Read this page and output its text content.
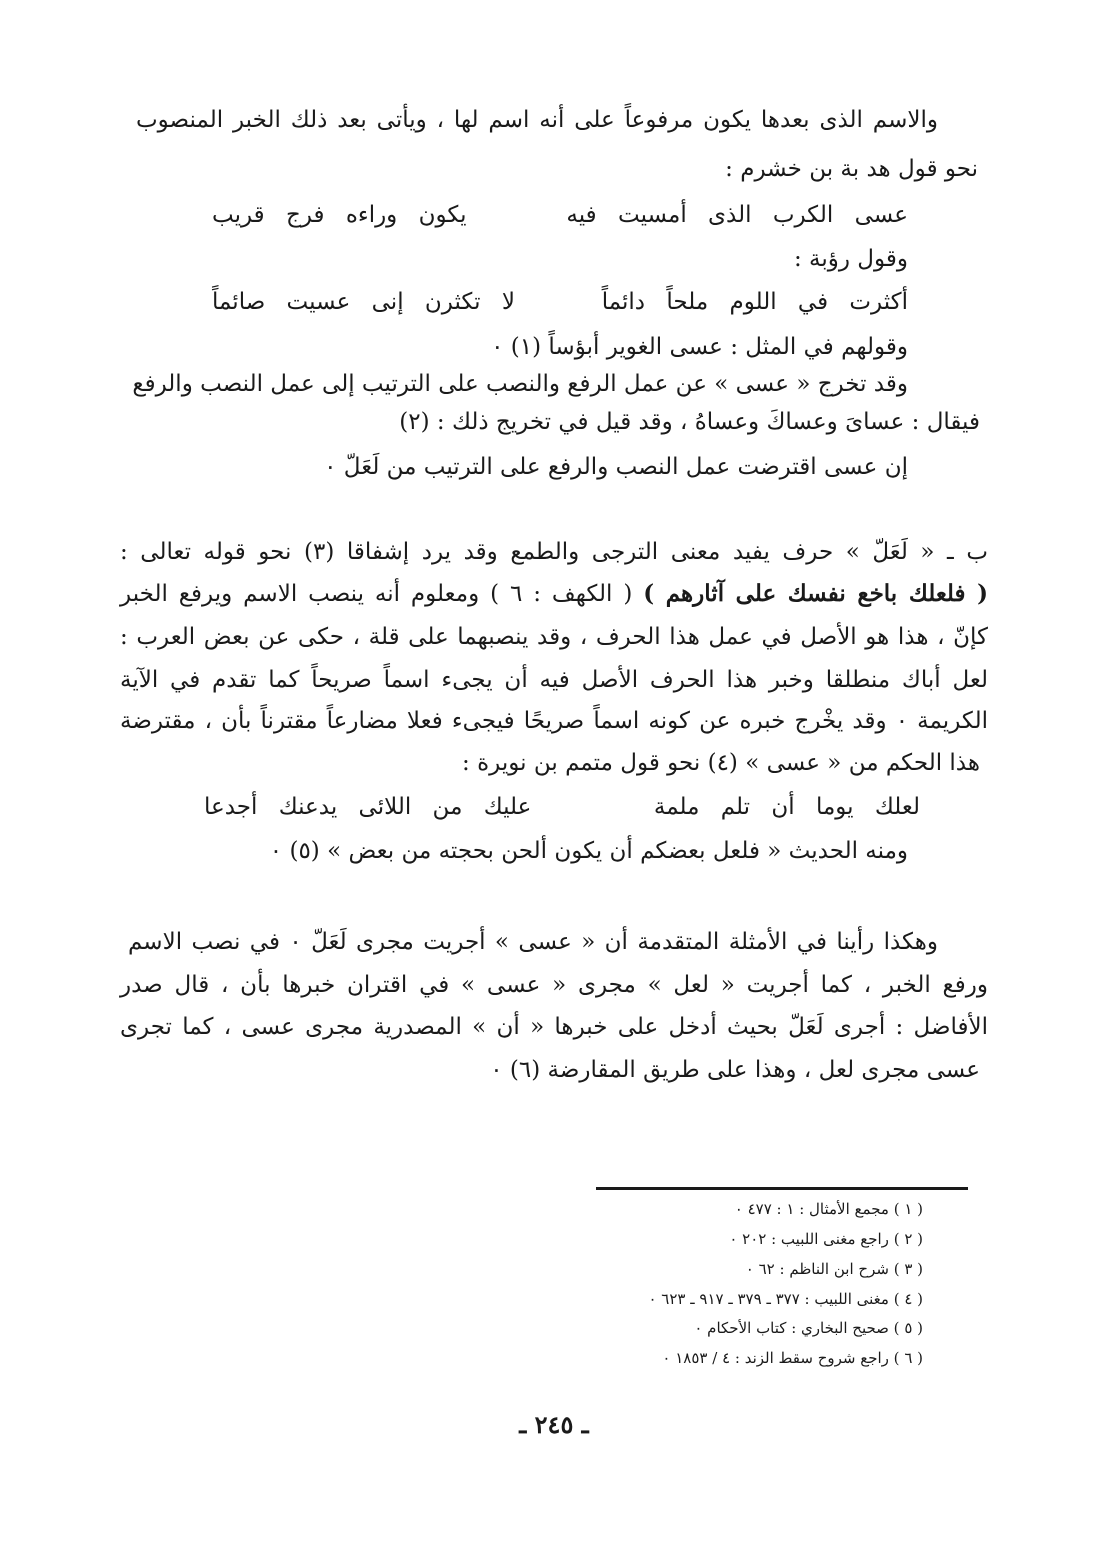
والاسم الذى بعدها يكون مرفوعاً على أنه اسم لها ، ويأتى بعد ذلك الخبر المنصوب
نحو قول هد بة بن خشرم :
عسى الكرب الذى أمسيت فيه
يكون وراءه فرج قريب
وقول رؤبة :
أكثرت في اللوم ملحاً دائماً
لا تكثرن إنى عسيت صائماً
وقولهم في المثل : عسى الغوير أبؤساً (١) ٠
وقد تخرج « عسى » عن عمل الرفع والنصب على الترتيب إلى عمل النصب والرفع
فيقال : عساىَ وعساكَ وعساهُ ، وقد قيل في تخريج ذلك : (٢)
إن عسى اقترضت عمل النصب والرفع على الترتيب من لَعَلّ ٠
ب ـ « لَعَلّ » حرف يفيد معنى الترجى والطمع وقد يرد إشفاقا (٣) نحو قوله تعالى :
( فلعلك باخع نفسك على آثارهم ) ( الكهف : ٦ ) ومعلوم أنه ينصب الاسم ويرفع الخبر
كإنّ ، هذا هو الأصل في عمل هذا الحرف ، وقد ينصبهما على قلة ، حكى عن بعض العرب :
لعل أباك منطلقا وخبر هذا الحرف الأصل فيه أن يجىء اسماً صريحاً كما تقدم في الآية
الكريمة ٠ وقد يخْرج خبره عن كونه اسماً صريحًا فيجىء فعلا مضارعاً مقترناً بأن ، مقترضة
هذا الحكم من « عسى » (٤) نحو قول متمم بن نويرة :
لعلك يوما أن تلم ملمة
عليك من اللائى يدعنك أجدعا
ومنه الحديث « فلعل بعضكم أن يكون ألحن بحجته من بعض » (٥) ٠
وهكذا رأينا في الأمثلة المتقدمة أن « عسى » أجريت مجرى لَعَلّ ٠ في نصب الاسم
ورفع الخبر ، كما أجريت « لعل » مجرى « عسى » في اقتران خبرها بأن ، قال صدر
الأفاضل : أجرى لَعَلّ بحيث أدخل على خبرها « أن » المصدرية مجرى عسى ، كما تجرى
عسى مجرى لعل ، وهذا على طريق المقارضة (٦) ٠
( ١ ) مجمع الأمثال : ١ : ٤٧٧ ٠
( ٢ ) راجع مغنى اللبيب : ٢٠٢ ٠
( ٣ ) شرح ابن الناظم : ٦٢ ٠
( ٤ ) مغنى اللبيب : ٣٧٧ ـ ٣٧٩ ـ ٩١٧ ـ ٦٢٣ ٠
( ٥ ) صحيح البخاري : كتاب الأحكام ٠
( ٦ ) راجع شروح سقط الزند : ٤ / ١٨٥٣ ٠
ـ ٢٤٥ ـ
